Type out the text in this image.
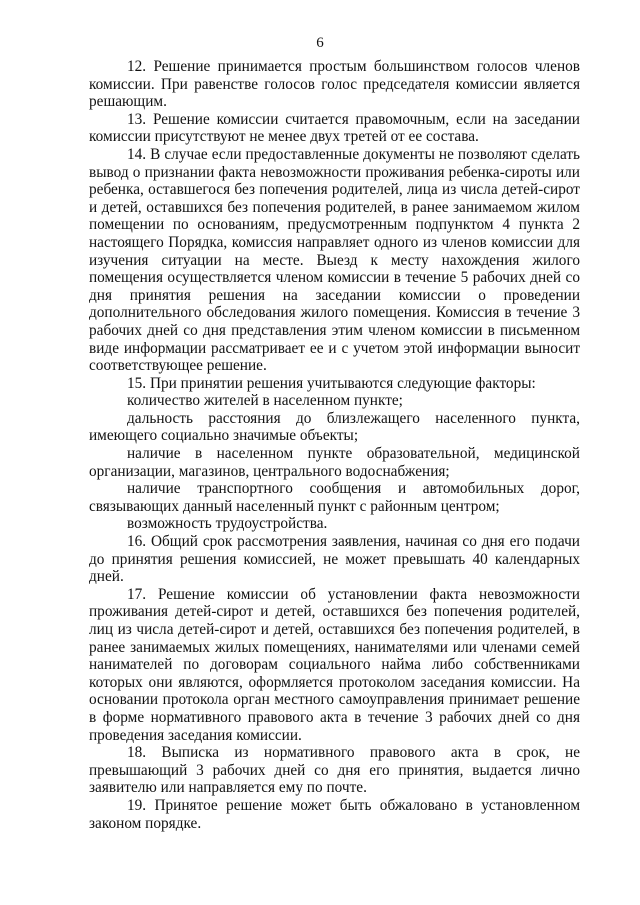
6

12. Решение принимается простым большинством голосов членов комиссии. При равенстве голосов голос председателя комиссии является решающим.

13. Решение комиссии считается правомочным, если на заседании комиссии присутствуют не менее двух третей от ее состава.

14. В случае если предоставленные документы не позволяют сделать вывод о признании факта невозможности проживания ребенка-сироты или ребенка, оставшегося без попечения родителей, лица из числа детей-сирот и детей, оставшихся без попечения родителей, в ранее занимаемом жилом помещении по основаниям, предусмотренным подпунктом 4 пункта 2 настоящего Порядка, комиссия направляет одного из членов комиссии для изучения ситуации на месте. Выезд к месту нахождения жилого помещения осуществляется членом комиссии в течение 5 рабочих дней со дня принятия решения на заседании комиссии о проведении дополнительного обследования жилого помещения. Комиссия в течение 3 рабочих дней со дня представления этим членом комиссии в письменном виде информации рассматривает ее и с учетом этой информации выносит соответствующее решение.

15. При принятии решения учитываются следующие факторы:

количество жителей в населенном пункте;

дальность расстояния до близлежащего населенного пункта, имеющего социально значимые объекты;

наличие в населенном пункте образовательной, медицинской организации, магазинов, центрального водоснабжения;

наличие транспортного сообщения и автомобильных дорог, связывающих данный населенный пункт с районным центром;

возможность трудоустройства.

16. Общий срок рассмотрения заявления, начиная со дня его подачи до принятия решения комиссией, не может превышать 40 календарных дней.

17. Решение комиссии об установлении факта невозможности проживания детей-сирот и детей, оставшихся без попечения родителей, лиц из числа детей-сирот и детей, оставшихся без попечения родителей, в ранее занимаемых жилых помещениях, нанимателями или членами семей нанимателей по договорам социального найма либо собственниками которых они являются, оформляется протоколом заседания комиссии. На основании протокола орган местного самоуправления принимает решение в форме нормативного правового акта в течение 3 рабочих дней со дня проведения заседания комиссии.

18. Выписка из нормативного правового акта в срок, не превышающий 3 рабочих дней со дня его принятия, выдается лично заявителю или направляется ему по почте.

19. Принятое решение может быть обжаловано в установленном законом порядке.
